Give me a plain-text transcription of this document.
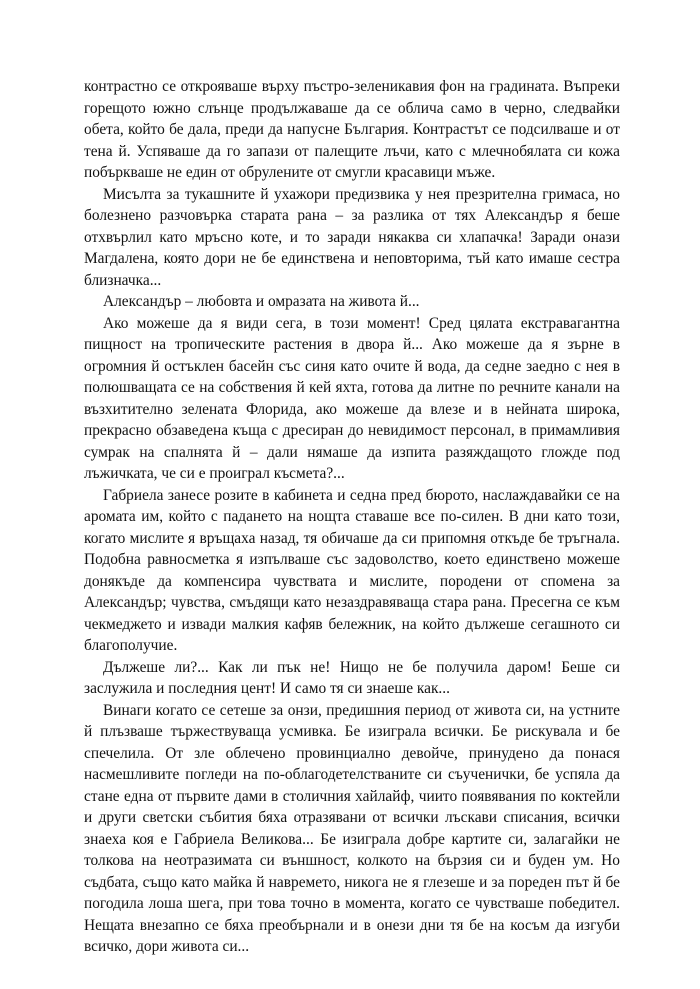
контрастно се открояваше върху пъстро-зеленикавия фон на градината. Въпреки горещото южно слънце продължаваше да се облича само в черно, следвайки обета, който бе дала, преди да напусне България. Контрастът се подсилваше и от тена й. Успяваше да го запази от палещите лъчи, като с млечнобялата си кожа побъркваше не един от обрулените от смугли красавици мъже.

Мисълта за тукашните й ухажори предизвика у нея презрителна гримаса, но болезнено разчовърка старата рана – за разлика от тях Александър я беше отхвърлил като мръсно коте, и то заради някаква си хлапачка! Заради онази Магдалена, която дори не бе единствена и неповторима, тъй като имаше сестра близначка...

Александър – любовта и омразата на живота й...

Ако можеше да я види сега, в този момент! Сред цялата екстравагантна пищност на тропическите растения в двора й... Ако можеше да я зърне в огромния й остъклен басейн със синя като очите й вода, да седне заедно с нея в полюшващата се на собствения й кей яхта, готова да литне по речните канали на възхитително зелената Флорида, ако можеше да влезе и в нейната широка, прекрасно обзаведена къща с дресиран до невидимост персонал, в примамливия сумрак на спалнята й – дали нямаше да изпита разяждащото гложде под лъжичката, че си е проиграл късмета?...

Габриела занесе розите в кабинета и седна пред бюрото, наслаждавайки се на аромата им, който с падането на нощта ставаше все по-силен. В дни като този, когато мислите я връщаха назад, тя обичаше да си припомня откъде бе тръгнала. Подобна равносметка я изпълваше със задоволство, което единствено можеше донякъде да компенсира чувствата и мислите, породени от спомена за Александър; чувства, смъдящи като незаздравяваща стара рана. Пресегна се към чекмеджето и извади малкия кафяв бележник, на който дължеше сегашното си благополучие.

Дължеше ли?... Как ли пък не! Нищо не бе получила даром! Беше си заслужила и последния цент! И само тя си знаеше как...

Винаги когато се сетеше за онзи, предишния период от живота си, на устните й плъзваше тържествуваща усмивка. Бе изиграла всички. Бе рискувала и бе спечелила. От зле облечено провинциално девойче, принудено да понася насмешливите погледи на по-облагодетелстваните си съученички, бе успяла да стане една от първите дами в столичния хайлайф, чиито появявания по коктейли и други светски събития бяха отразявани от всички лъскави списания, всички знаеха коя е Габриела Великова... Бе изиграла добре картите си, залагайки не толкова на неотразимата си външност, колкото на бързия си и буден ум. Но съдбата, също като майка й навремето, никога не я глезеше и за пореден път й бе погодила лоша шега, при това точно в момента, когато се чувстваше победител. Нещата внезапно се бяха преобърнали и в онези дни тя бе на косъм да изгуби всичко, дори живота си...
